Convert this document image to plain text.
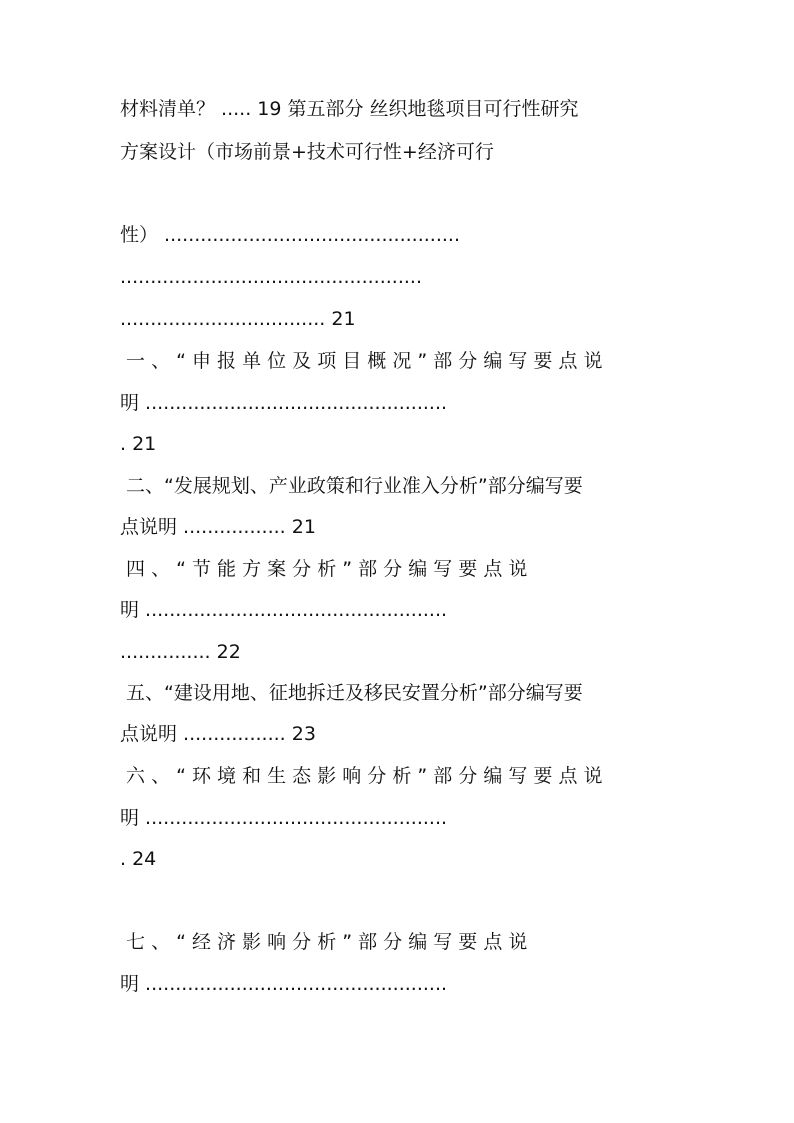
材料清单？ ..... 19 第五部分 丝织地毯项目可行性研究
方案设计（市场前景+技术可行性+经济可行
性） .................................................
..................................................
.................................. 21
一 、 “ 申 报 单 位 及 项 目 概 况 ” 部 分 编 写 要 点 说
明 ..................................................
. 21
二、“发展规划、产业政策和行业准入分析”部分编写要
点说明 ................. 21
四 、 “ 节 能 方 案 分 析 ” 部 分 编 写 要 点 说
明 ..................................................
............... 22
五、“建设用地、征地拆迁及移民安置分析”部分编写要
点说明 ................. 23
六 、 “ 环 境 和 生 态 影 响 分 析 ” 部 分 编 写 要 点 说
明 ..................................................
. 24
七 、 “ 经 济 影 响 分 析 ” 部 分 编 写 要 点 说
明 ..................................................
